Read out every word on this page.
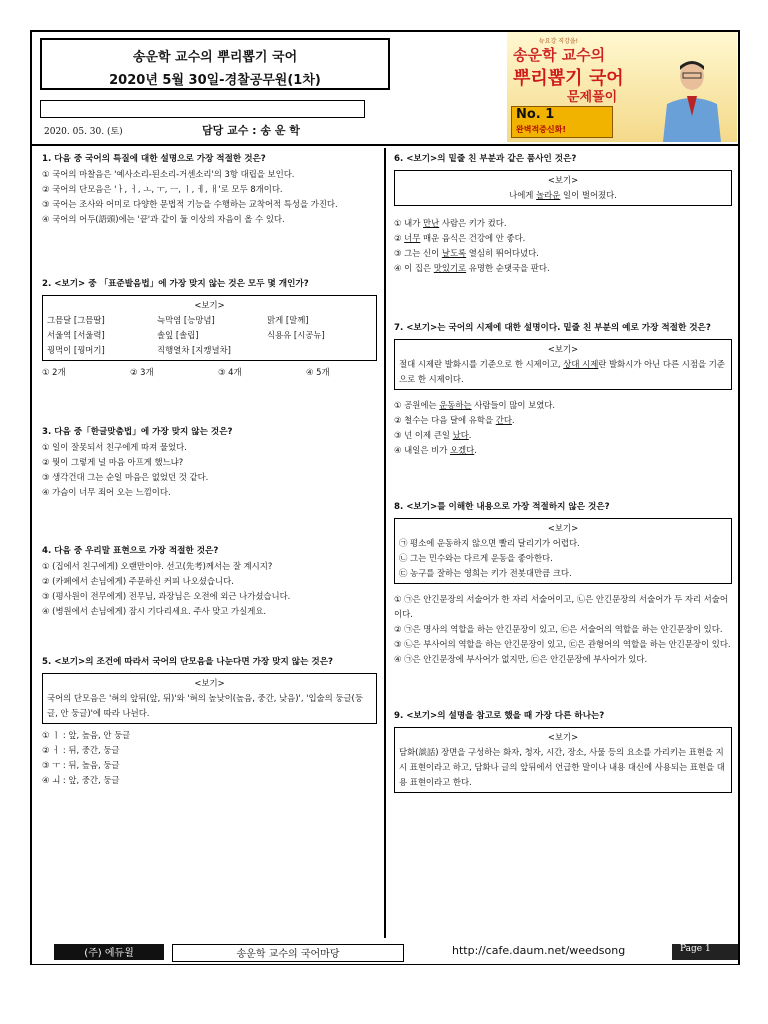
송운학 교수의 뿌리뽑기 국어
2020년 5월 30일-경찰공무원(1차)
2020. 05. 30. (토)	담당 교수 : 송 운 학
뉴요강 직강을!
송운학 교수의
뿌리뽑기 국어
문제풀이
No. 1
완벽적중신화!
1. 다음 중 국어의 특질에 대한 설명으로 가장 적절한 것은?
① 국어의 마찰음은 '예사소리-된소리-거센소리'의 3항 대립을 보인다.
② 국어의 단모음은 'ㅏ, ㅓ, ㅗ, ㅜ, ㅡ, ㅣ, ㅔ, ㅐ'로 모두 8개이다.
③ 국어는 조사와 어미로 다양한 문법적 기능을 수행하는 교착어적 특성을 가진다.
④ 국어의 어두(語頭)에는 '끝'과 같이 둘 이상의 자음이 올 수 있다.
2. <보기> 중 「표준발음법」에 가장 맞지 않는 것은 모두 몇 개인가?
<보기>
그믐달 [그믐딸]	늑막염 [능망념]	맑게 [말께]
서울역 [서울력]	솔잎 [솔립]	식용유 [시공뉴]
꿩먹이 [꿩머기]	직행열차 [지캥녈차]
① 2개	② 3개	③ 4개	④ 5개
3. 다음 중「한글맞춤법」에 가장 맞지 않는 것은?
① 일이 잘못되서 친구에게 따져 물었다.
② 뭣이 그렇게 널 마음 아프게 했느냐?
③ 생각건대 그는 순일 마음은 없었던 것 같다.
④ 가슴이 너무 죄어 오는 느낌이다.
4. 다음 중 우리말 표현으로 가장 적절한 것은?
① (집에서 친구에게) 오랜만이야. 선고(先考)께서는 잘 계시지?
② (카페에서 손님에게) 주문하신 커피 나오셨습니다.
③ (평사원이 전무에게) 전무님, 과장님은 오전에 외근 나가셨습니다.
④ (병원에서 손님에게) 잠시 기다리세요. 주사 맞고 가실게요.
5. <보기>의 조건에 따라서 국어의 단모음을 나눈다면 가장 맞지 않는 것은?
<보기>
국어의 단모음은 '혀의 앞뒤(앞, 뒤)'와 '혀의 높낮이(높음, 중간, 낮음)', '입술의 둥글(둥글, 안 둥글)'에 따라 나뉜다.
① ㅣ : 앞, 높음, 안 둥글
② ㅓ : 뒤, 중간, 둥글
③ ㅜ : 뒤, 높음, 둥글
④ ㅚ : 앞, 중간, 둥글
6. <보기>의 밑줄 친 부분과 같은 품사인 것은?
<보기>
나에게 놀라운 일이 벌어졌다.
① 내가 만난 사람은 키가 컸다.
② 너무 매운 음식은 건강에 안 좋다.
③ 그는 신이 날도록 열심히 뛰어다녔다.
④ 이 집은 맛있기로 유명한 순댓국을 판다.
7. <보기>는 국어의 시제에 대한 설명이다. 밑줄 친 부분의 예로 가장 적절한 것은?
<보기>
절대 시제란 발화시를 기준으로 한 시제이고, 상대 시제란 발화시가 아닌 다른 시점을 기준으로 한 시제이다.
① 공원에는 운동하는 사람들이 많이 보였다.
② 철수는 다음 달에 유학을 간다.
③ 넌 이제 큰일 났다.
④ 내일은 비가 오겠다.
8. <보기>를 이해한 내용으로 가장 적절하지 않은 것은?
<보기>
㉠ 평소에 운동하지 않으면 빨리 달리기가 어렵다.
㉡ 그는 민수와는 다르게 운동을 좋아한다.
㉢ 농구를 잘하는 영희는 키가 전봇대만큼 크다.
① ㉠은 안긴문장의 서술어가 한 자리 서술어이고, ㉡은 안긴문장의 서술어가 두 자리 서술어이다.
② ㉠은 명사의 역할을 하는 안긴문장이 있고, ㉢은 서술어의 역할을 하는 안긴문장이 있다.
③ ㉡은 부사어의 역할을 하는 안긴문장이 있고, ㉢은 관형어의 역할을 하는 안긴문장이 있다.
④ ㉠은 안긴문장에 부사어가 없지만, ㉢은 안긴문장에 부사어가 있다.
9. <보기>의 설명을 참고로 했을 때 가장 다른 하나는?
<보기>
담화(談話) 장면을 구성하는 화자, 청자, 시간, 장소, 사물 등의 요소를 가리키는 표현을 지시 표현이라고 하고, 담화나 글의 앞뒤에서 언급한 말이나 내용 대신에 사용되는 표현을 대용 표현이라고 한다.
(주) 에듀윌	송운학 교수의 국어마당	http://cafe.daum.net/weedsong	Page 1
